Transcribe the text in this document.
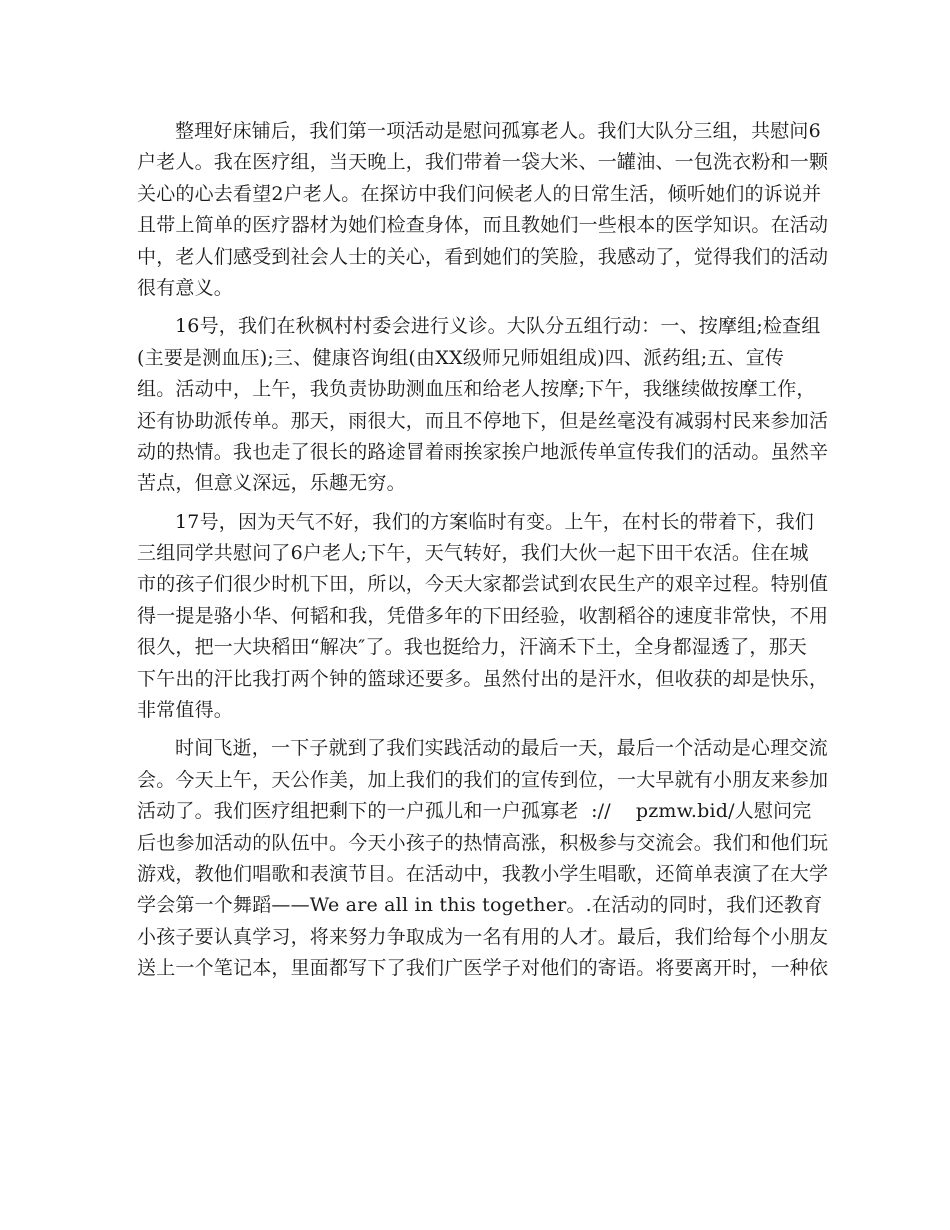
整理好床铺后，我们第一项活动是慰问孤寡老人。我们大队分三组，共慰问6
户老人。我在医疗组，当天晚上，我们带着一袋大米、一罐油、一包洗衣粉和一颗
关心的心去看望2户老人。在探访中我们问候老人的日常生活，倾听她们的诉说并
且带上简单的医疗器材为她们检查身体，而且教她们一些根本的医学知识。在活动
中，老人们感受到社会人士的关心，看到她们的笑脸，我感动了，觉得我们的活动
很有意义。
16号，我们在秋枫村村委会进行义诊。大队分五组行动：一、按摩组;检查组
(主要是测血压);三、健康咨询组(由XX级师兄师姐组成)四、派药组;五、宣传
组。活动中，上午，我负责协助测血压和给老人按摩;下午，我继续做按摩工作，
还有协助派传单。那天，雨很大，而且不停地下，但是丝毫没有减弱村民来参加活
动的热情。我也走了很长的路途冒着雨挨家挨户地派传单宣传我们的活动。虽然辛
苦点，但意义深远，乐趣无穷。
17号，因为天气不好，我们的方案临时有变。上午，在村长的带着下，我们
三组同学共慰问了6户老人;下午，天气转好，我们大伙一起下田干农活。住在城
市的孩子们很少时机下田，所以，今天大家都尝试到农民生产的艰辛过程。特别值
得一提是骆小华、何韬和我，凭借多年的下田经验，收割稻谷的速度非常快，不用
很久，把一大块稻田“解决″了。我也挺给力，汗滴禾下土，全身都湿透了，那天
下午出的汗比我打两个钟的篮球还要多。虽然付出的是汗水，但收获的却是快乐，
非常值得。
时间飞逝，一下子就到了我们实践活动的最后一天，最后一个活动是心理交流
会。今天上午，天公作美，加上我们的我们的宣传到位，一大早就有小朋友来参加
活动了。我们医疗组把剩下的一户孤儿和一户孤寡老  ://    pzmw.bid/人慰问完
后也参加活动的队伍中。今天小孩子的热情高涨，积极参与交流会。我们和他们玩
游戏，教他们唱歌和表演节目。在活动中，我教小学生唱歌，还简单表演了在大学
学会第一个舞蹈——We are all in this together。.在活动的同时，我们还教育
小孩子要认真学习，将来努力争取成为一名有用的人才。最后，我们给每个小朋友
送上一个笔记本，里面都写下了我们广医学子对他们的寄语。将要离开时，一种依
